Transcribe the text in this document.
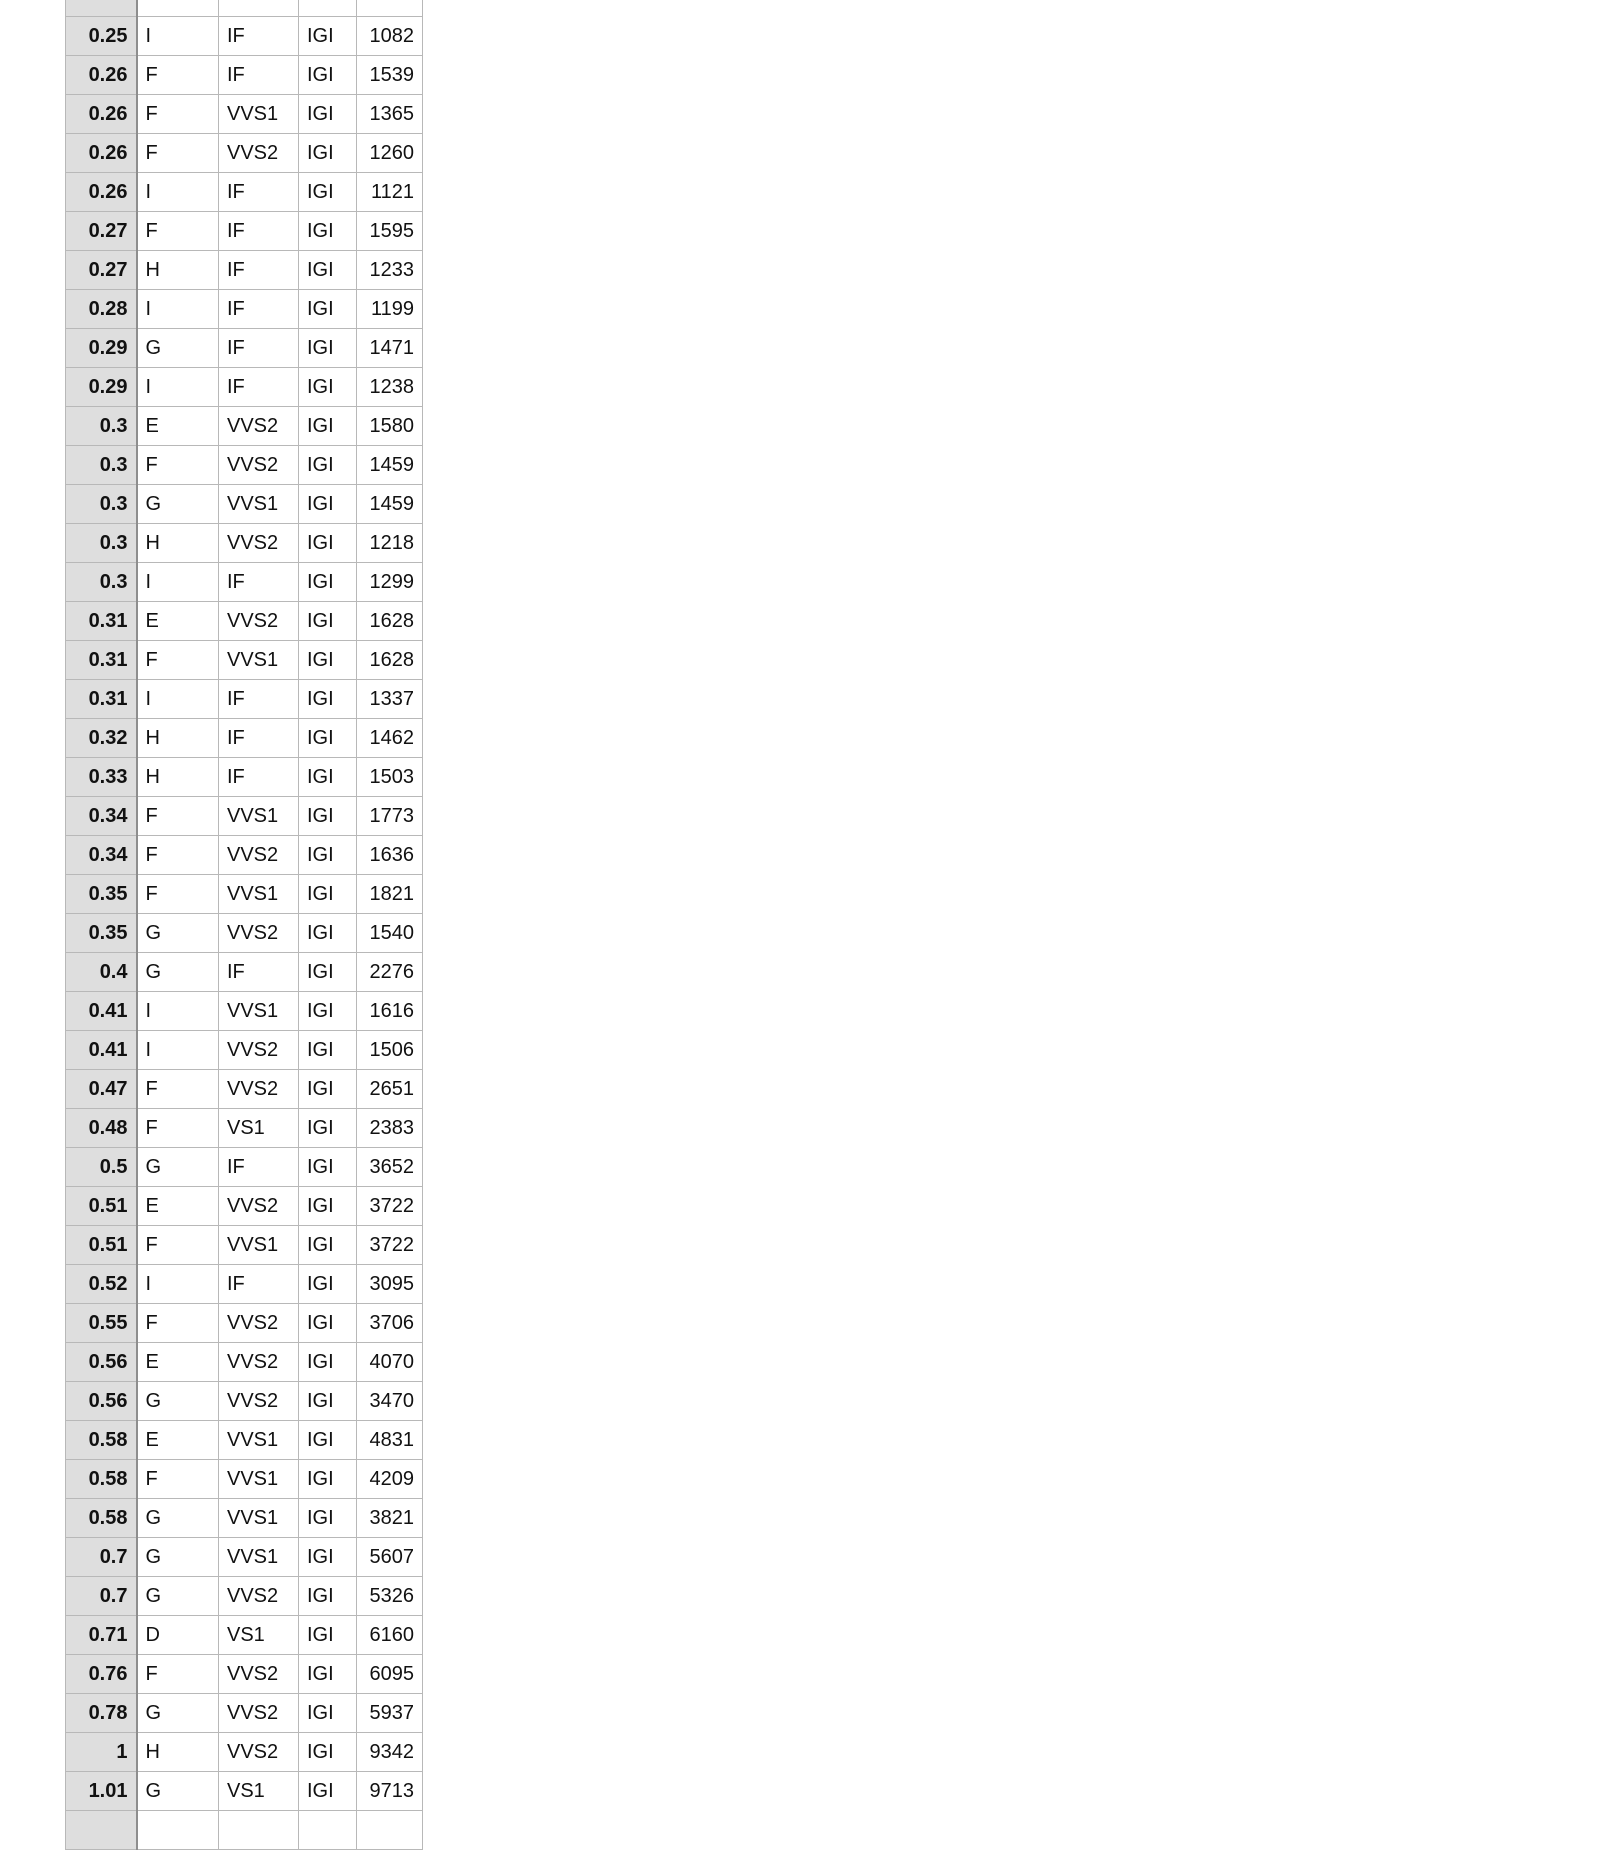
0.25	I	IF	IGI	1082
0.26	F	IF	IGI	1539
0.26	F	VVS1	IGI	1365
0.26	F	VVS2	IGI	1260
0.26	I	IF	IGI	1121
0.27	F	IF	IGI	1595
0.27	H	IF	IGI	1233
0.28	I	IF	IGI	1199
0.29	G	IF	IGI	1471
0.29	I	IF	IGI	1238
0.3	E	VVS2	IGI	1580
0.3	F	VVS2	IGI	1459
0.3	G	VVS1	IGI	1459
0.3	H	VVS2	IGI	1218
0.3	I	IF	IGI	1299
0.31	E	VVS2	IGI	1628
0.31	F	VVS1	IGI	1628
0.31	I	IF	IGI	1337
0.32	H	IF	IGI	1462
0.33	H	IF	IGI	1503
0.34	F	VVS1	IGI	1773
0.34	F	VVS2	IGI	1636
0.35	F	VVS1	IGI	1821
0.35	G	VVS2	IGI	1540
0.4	G	IF	IGI	2276
0.41	I	VVS1	IGI	1616
0.41	I	VVS2	IGI	1506
0.47	F	VVS2	IGI	2651
0.48	F	VS1	IGI	2383
0.5	G	IF	IGI	3652
0.51	E	VVS2	IGI	3722
0.51	F	VVS1	IGI	3722
0.52	I	IF	IGI	3095
0.55	F	VVS2	IGI	3706
0.56	E	VVS2	IGI	4070
0.56	G	VVS2	IGI	3470
0.58	E	VVS1	IGI	4831
0.58	F	VVS1	IGI	4209
0.58	G	VVS1	IGI	3821
0.7	G	VVS1	IGI	5607
0.7	G	VVS2	IGI	5326
0.71	D	VS1	IGI	6160
0.76	F	VVS2	IGI	6095
0.78	G	VVS2	IGI	5937
1	H	VVS2	IGI	9342
1.01	G	VS1	IGI	9713
